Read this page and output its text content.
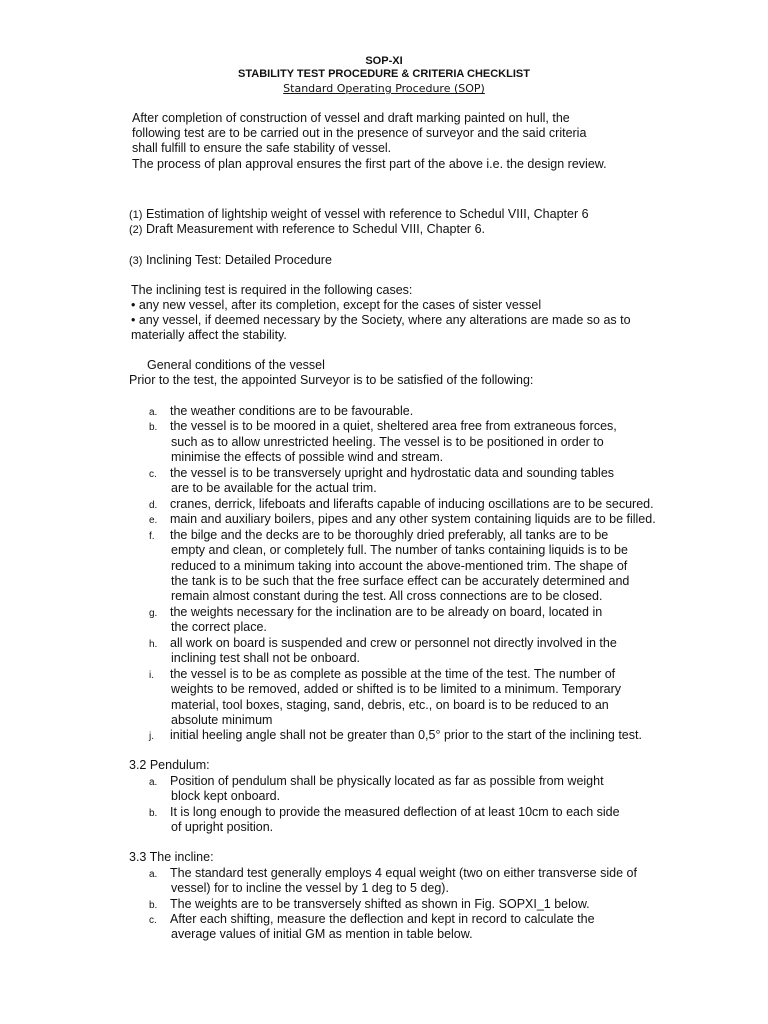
SOP-XI
STABILITY TEST PROCEDURE & CRITERIA CHECKLIST
Standard Operating Procedure (SOP)
After completion of construction of vessel and draft marking painted on hull, the
following test are to be carried out in the presence of surveyor and the said criteria
shall fulfill to ensure the safe stability of vessel.
The process of plan approval ensures the first part of the above i.e. the design review.
(1) Estimation of lightship weight of vessel with reference to Schedul VIII, Chapter 6
(2) Draft Measurement with reference to Schedul VIII, Chapter 6.
(3) Inclining Test: Detailed Procedure
The inclining test is required in the following cases:
• any new vessel, after its completion, except for the cases of sister vessel
• any vessel, if deemed necessary by the Society, where any alterations are made so as to
materially affect the stability.
General conditions of the vessel
Prior to the test, the appointed Surveyor is to be satisfied of the following:
a. the weather conditions are to be favourable.
b. the vessel is to be moored in a quiet, sheltered area free from extraneous forces,
such as to allow unrestricted heeling. The vessel is to be positioned in order to
minimise the effects of possible wind and stream.
c. the vessel is to be transversely upright and hydrostatic data and sounding tables
are to be available for the actual trim.
d. cranes, derrick, lifeboats and liferafts capable of inducing oscillations are to be secured.
e. main and auxiliary boilers, pipes and any other system containing liquids are to be filled.
f. the bilge and the decks are to be thoroughly dried preferably, all tanks are to be
empty and clean, or completely full. The number of tanks containing liquids is to be
reduced to a minimum taking into account the above-mentioned trim. The shape of
the tank is to be such that the free surface effect can be accurately determined and
remain almost constant during the test. All cross connections are to be closed.
g. the weights necessary for the inclination are to be already on board, located in
the correct place.
h. all work on board is suspended and crew or personnel not directly involved in the
inclining test shall not be onboard.
i. the vessel is to be as complete as possible at the time of the test. The number of
weights to be removed, added or shifted is to be limited to a minimum. Temporary
material, tool boxes, staging, sand, debris, etc., on board is to be reduced to an
absolute minimum
j. initial heeling angle shall not be greater than 0,5° prior to the start of the inclining test.
3.2 Pendulum:
a. Position of pendulum shall be physically located as far as possible from weight
block kept onboard.
b. It is long enough to provide the measured deflection of at least 10cm to each side
of upright position.
3.3 The incline:
a. The standard test generally employs 4 equal weight (two on either transverse side of
vessel) for to incline the vessel by 1 deg to 5 deg).
b. The weights are to be transversely shifted as shown in Fig. SOPXI_1 below.
c. After each shifting, measure the deflection and kept in record to calculate the
average values of initial GM as mention in table below.
